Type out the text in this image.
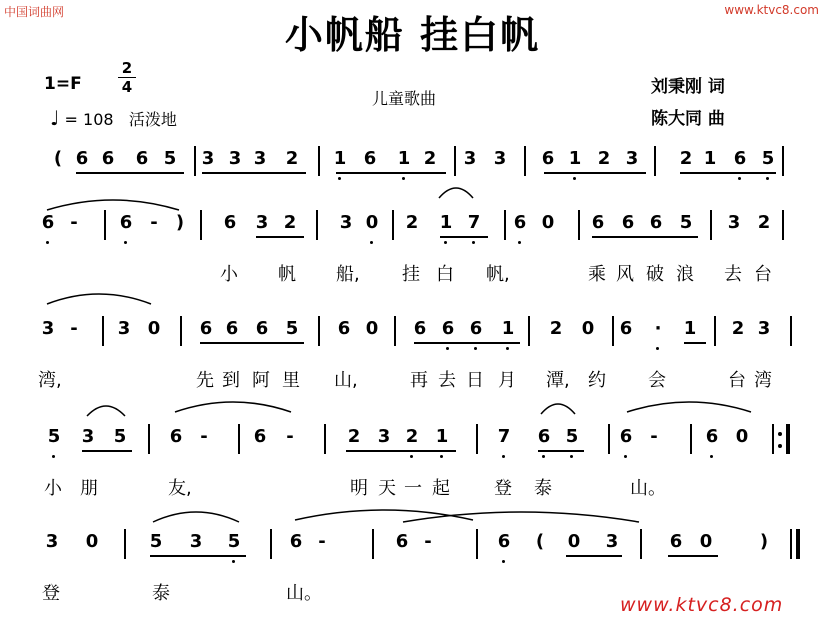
中国词曲网	www.ktvc8.com
小帆船 挂白帆
1=F
2
4
♩ = 108 活泼地
儿童歌曲
刘秉刚 词
陈大同 曲
( 6 6 6 5 3 3 3 2 1 6 1 2 3 3 6 1 2 3 2 1 6 5
6 - 6 - ) 6 3 2 3 0 2 1 7 6 0 6 6 6 5 3 2
小 帆 船, 挂 白 帆,	乘 风 破 浪 去 台
3 - 3 0 6 6 6 5 6 0 6 6 6 1 2 0 6 · 1 2 3
湾,	先 到 阿 里 山,	再 去 日 月 潭, 约 会	台 湾
5 3 5 6 -	6 -	2 3 2 1	7 6 5 6 -	6 0
小 朋	友,	明 天 一 起 登 泰	山。
3 0	5 3 5	6 -	6 -	6 ( 0 3	6 0	)
登	泰	山。
www.ktvc8.com
